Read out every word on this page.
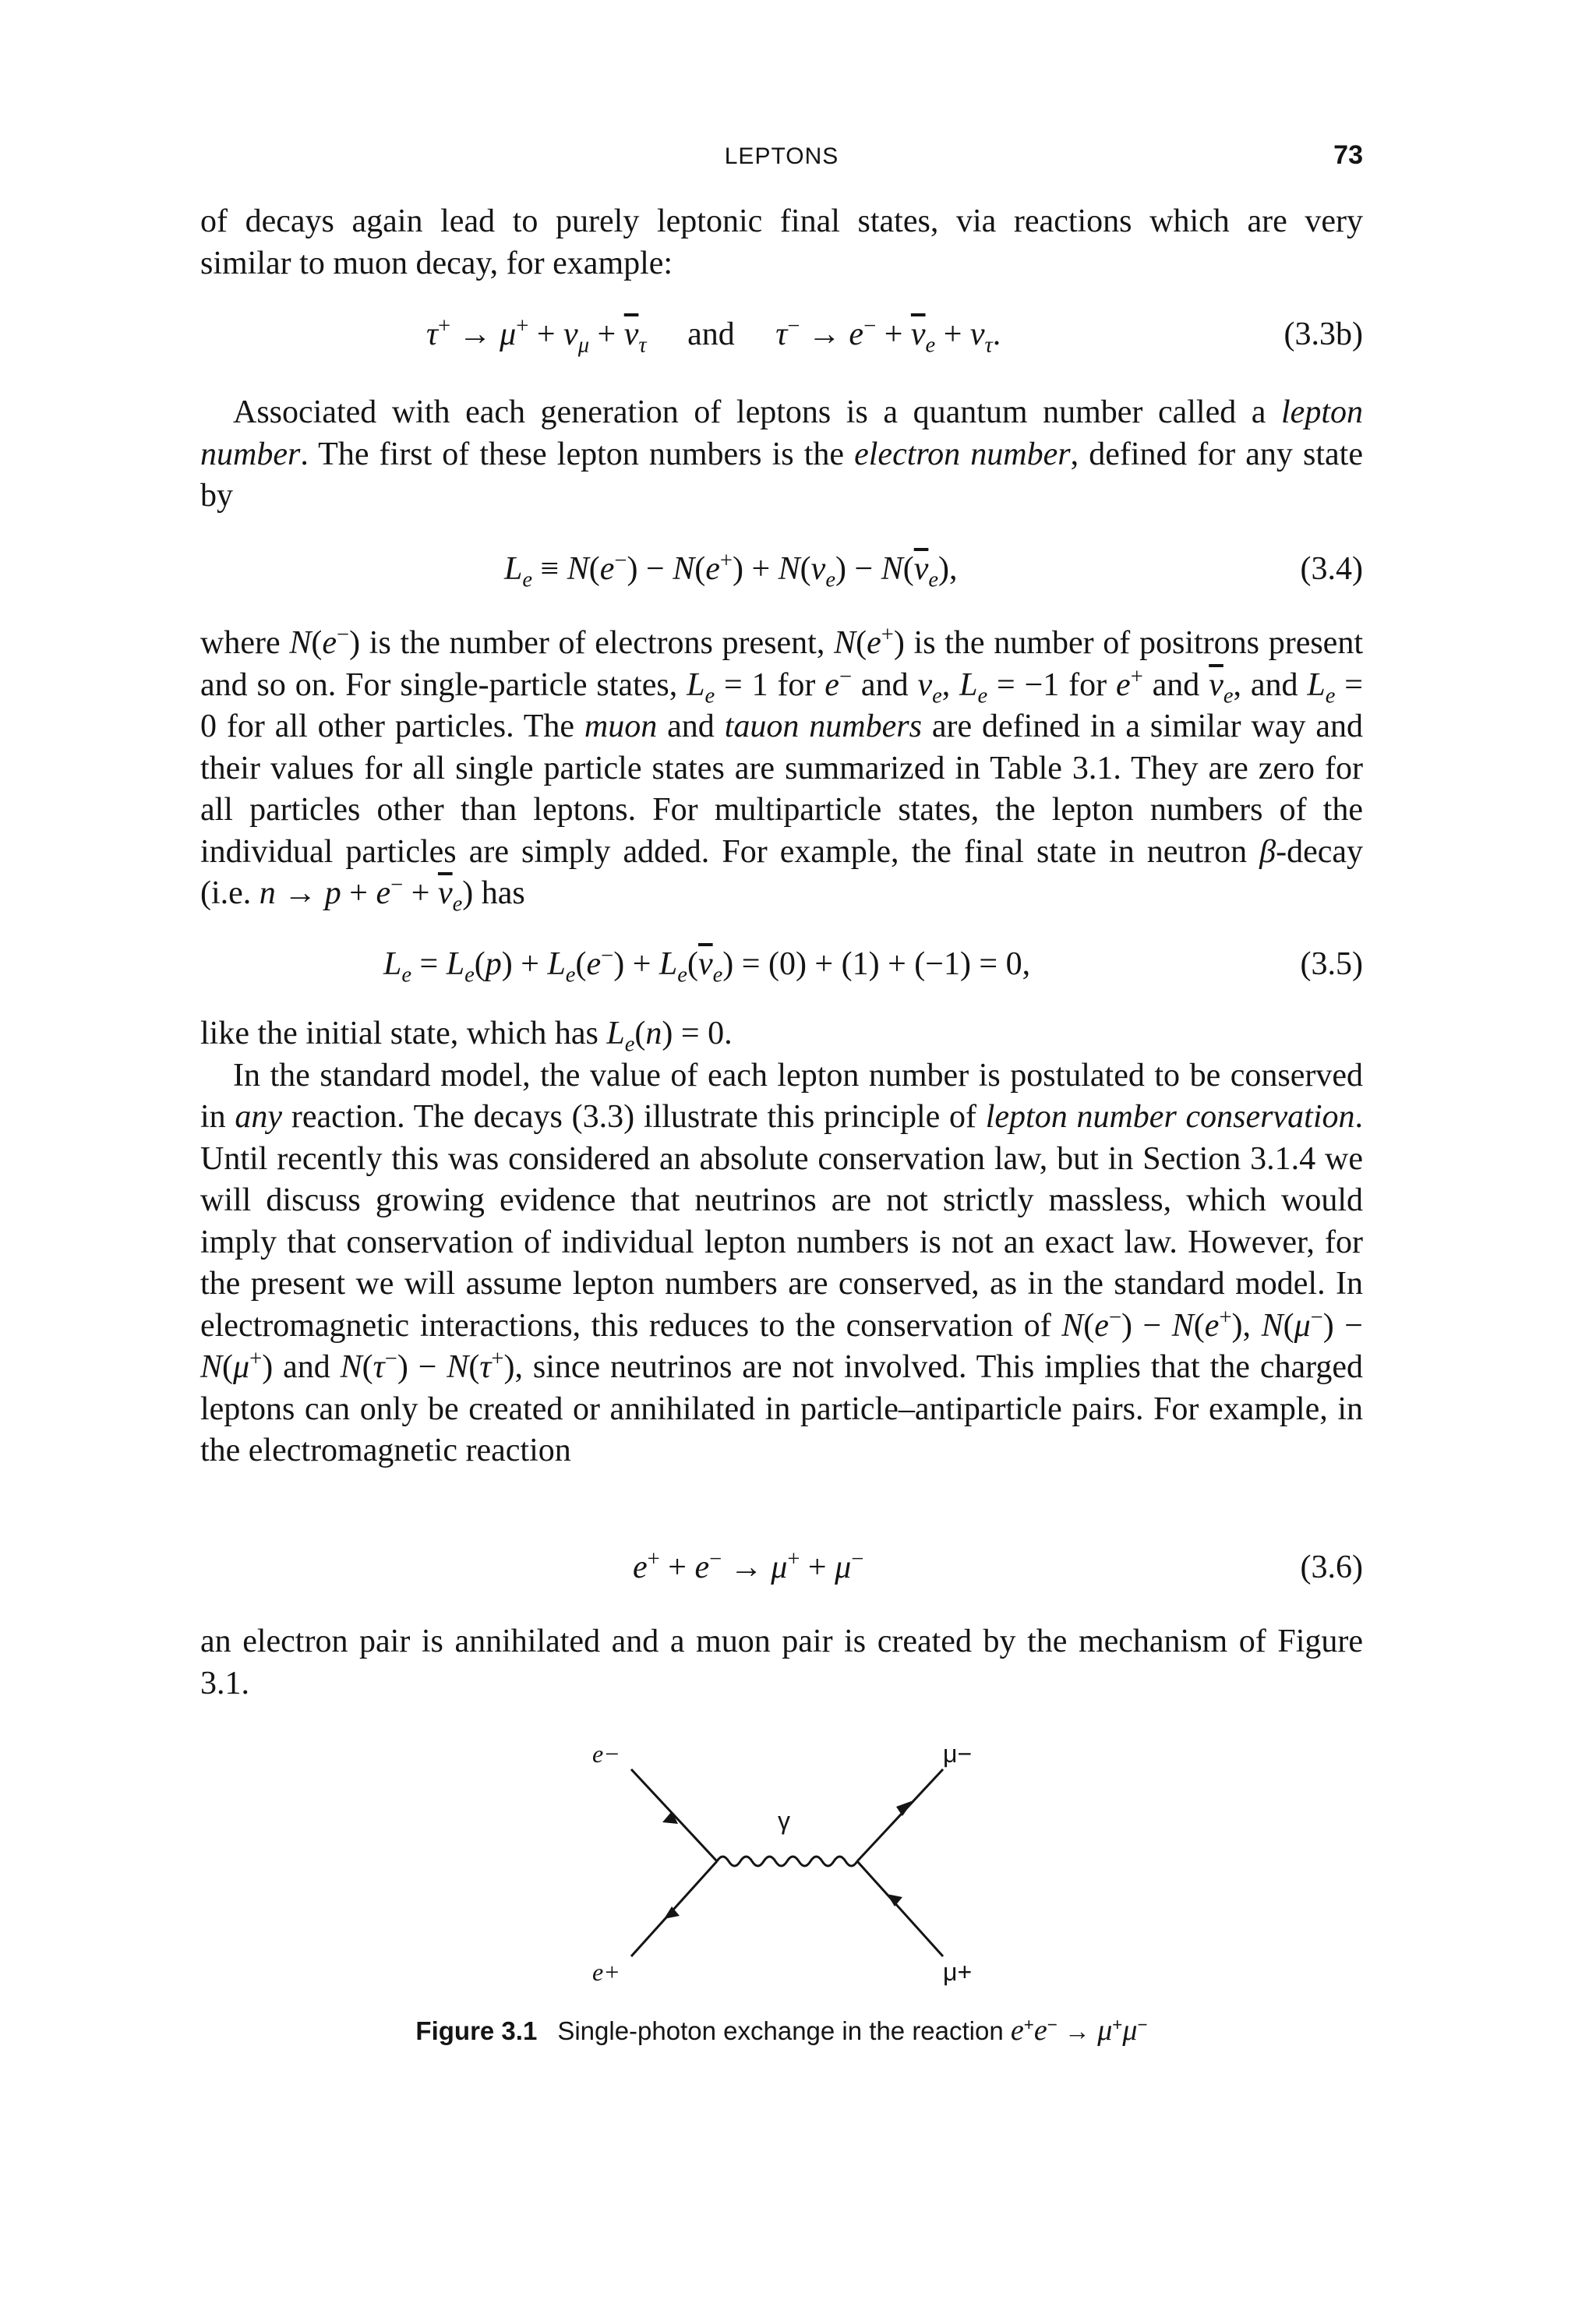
LEPTONS	73

of decays again lead to purely leptonic final states, via reactions which are very

similar to muon decay, for example:

$\tau^+ \to \mu^+ + \nu_\mu + \overline{\nu}_\tau$ and $\tau^- \to e^- + \overline{\nu}_e + \nu_\tau$.	(3.3b)

Associated with each generation of leptons is a quantum number called a lepton number. The first of these lepton numbers is the electron number, defined for any state by

$L_e \equiv N(e^-) - N(e^+) + N(\nu_e) - N(\overline{\nu}_e)$,	(3.4)

where N(e−) is the number of electrons present, N(e+) is the number of positrons present and so on. For single-particle states, $L_e = 1$ for e− and $\nu_e$, $L_e = -1$ for e+ and $\overline{\nu}_e$, and $L_e = 0$ for all other particles. The muon and tauon numbers are defined in a similar way and their values for all single particle states are summarized in Table 3.1. They are zero for all particles other than leptons. For multiparticle states, the lepton numbers of the individual particles are simply added. For example, the final state in neutron β-decay (i.e. $n \to p + e^- + \overline{\nu}_e$) has

$L_e = L_e(p) + L_e(e^-) + L_e(\overline{\nu}_e) = (0) + (1) + (-1) = 0$,	(3.5)

like the initial state, which has $L_e(n) = 0$.

In the standard model, the value of each lepton number is postulated to be conserved in any reaction. The decays (3.3) illustrate this principle of lepton number conservation. Until recently this was considered an absolute conservation law, but in Section 3.1.4 we will discuss growing evidence that neutrinos are not strictly massless, which would imply that conservation of individual lepton numbers is not an exact law. However, for the present we will assume lepton numbers are conserved, as in the standard model. In electromagnetic interactions, this reduces to the conservation of N(e−) − N(e+), N(μ−) − N(μ+) and N(τ−) − N(τ+), since neutrinos are not involved. This implies that the charged leptons can only be created or annihilated in particle–antiparticle pairs. For example, in the electromagnetic reaction

e+ + e− → μ+ + μ−	(3.6)

an electron pair is annihilated and a muon pair is created by the mechanism of Figure 3.1.

e−
e+
μ−
μ+
γ
Figure 3.1 Single-photon exchange in the reaction e+e− → μ+μ−
